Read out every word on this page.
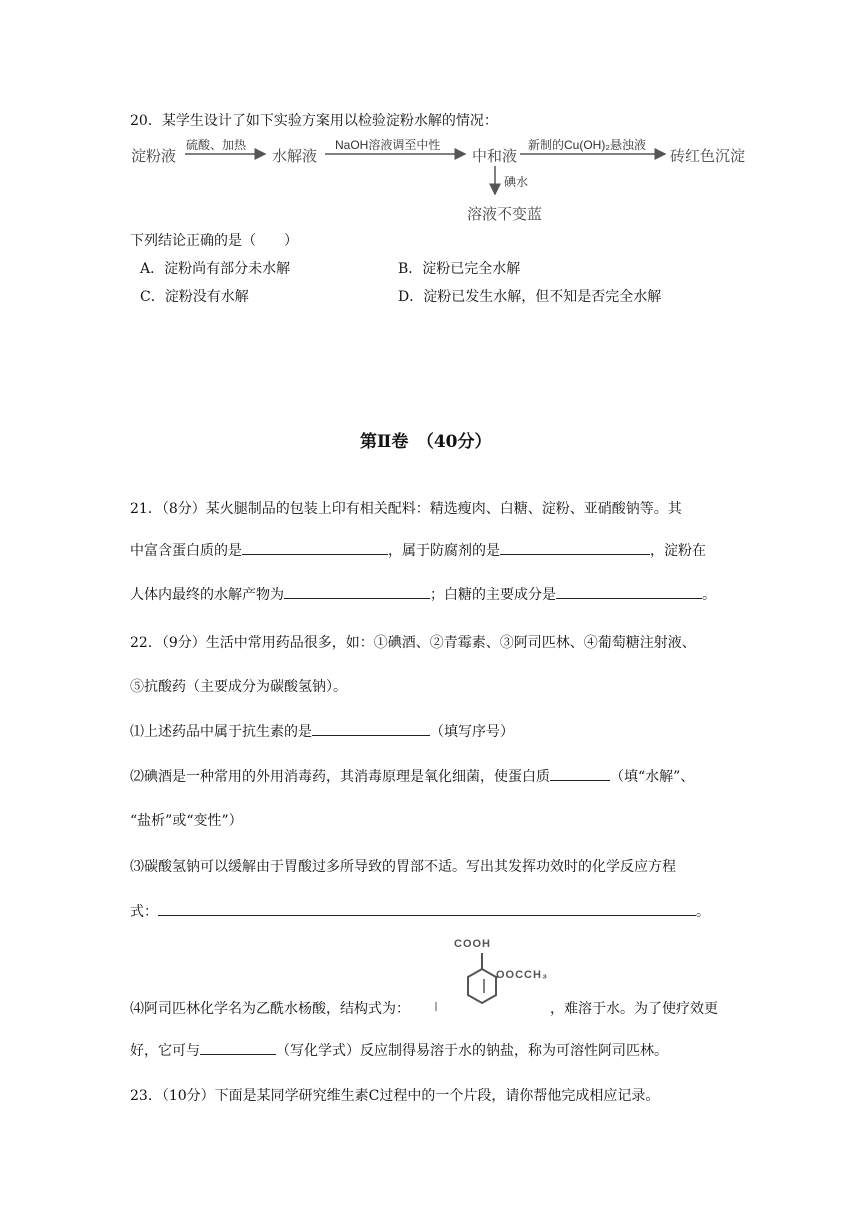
20．某学生设计了如下实验方案用以检验淀粉水解的情况：
淀粉液
硫酸、加热
水解液
NaOH溶液调至中性
中和液
新制的Cu(OH)₂悬浊液
砖红色沉淀
碘水
溶液不变蓝
下列结论正确的是（　　）
A．淀粉尚有部分未水解	B．淀粉已完全水解
C．淀粉没有水解	D．淀粉已发生水解，但不知是否完全水解
第Ⅱ卷　（40分）
21．（8分）某火腿制品的包装上印有相关配料：精选瘦肉、白糖、淀粉、亚硝酸钠等。其
中富含蛋白质的是	，属于防腐剂的是	，淀粉在
人体内最终的水解产物为	；白糖的主要成分是	。
22．（9分）生活中常用药品很多，如：①碘酒、②青霉素、③阿司匹林、④葡萄糖注射液、
⑤抗酸药（主要成分为碳酸氢钠）。
⑴上述药品中属于抗生素的是	（填写序号）
⑵碘酒是一种常用的外用消毒药，其消毒原理是氧化细菌，使蛋白质	（填“水解”、
“盐析”或“变性”）
⑶碳酸氢钠可以缓解由于胃酸过多所导致的胃部不适。写出其发挥功效时的化学反应方程
式：	。
COOH
OOCCH₃
⑷阿司匹林化学名为乙酰水杨酸，结构式为：	，难溶于水。为了使疗效更
好，它可与	（写化学式）反应制得易溶于水的钠盐，称为可溶性阿司匹林。
23．（10分）下面是某同学研究维生素C过程中的一个片段，请你帮他完成相应记录。
